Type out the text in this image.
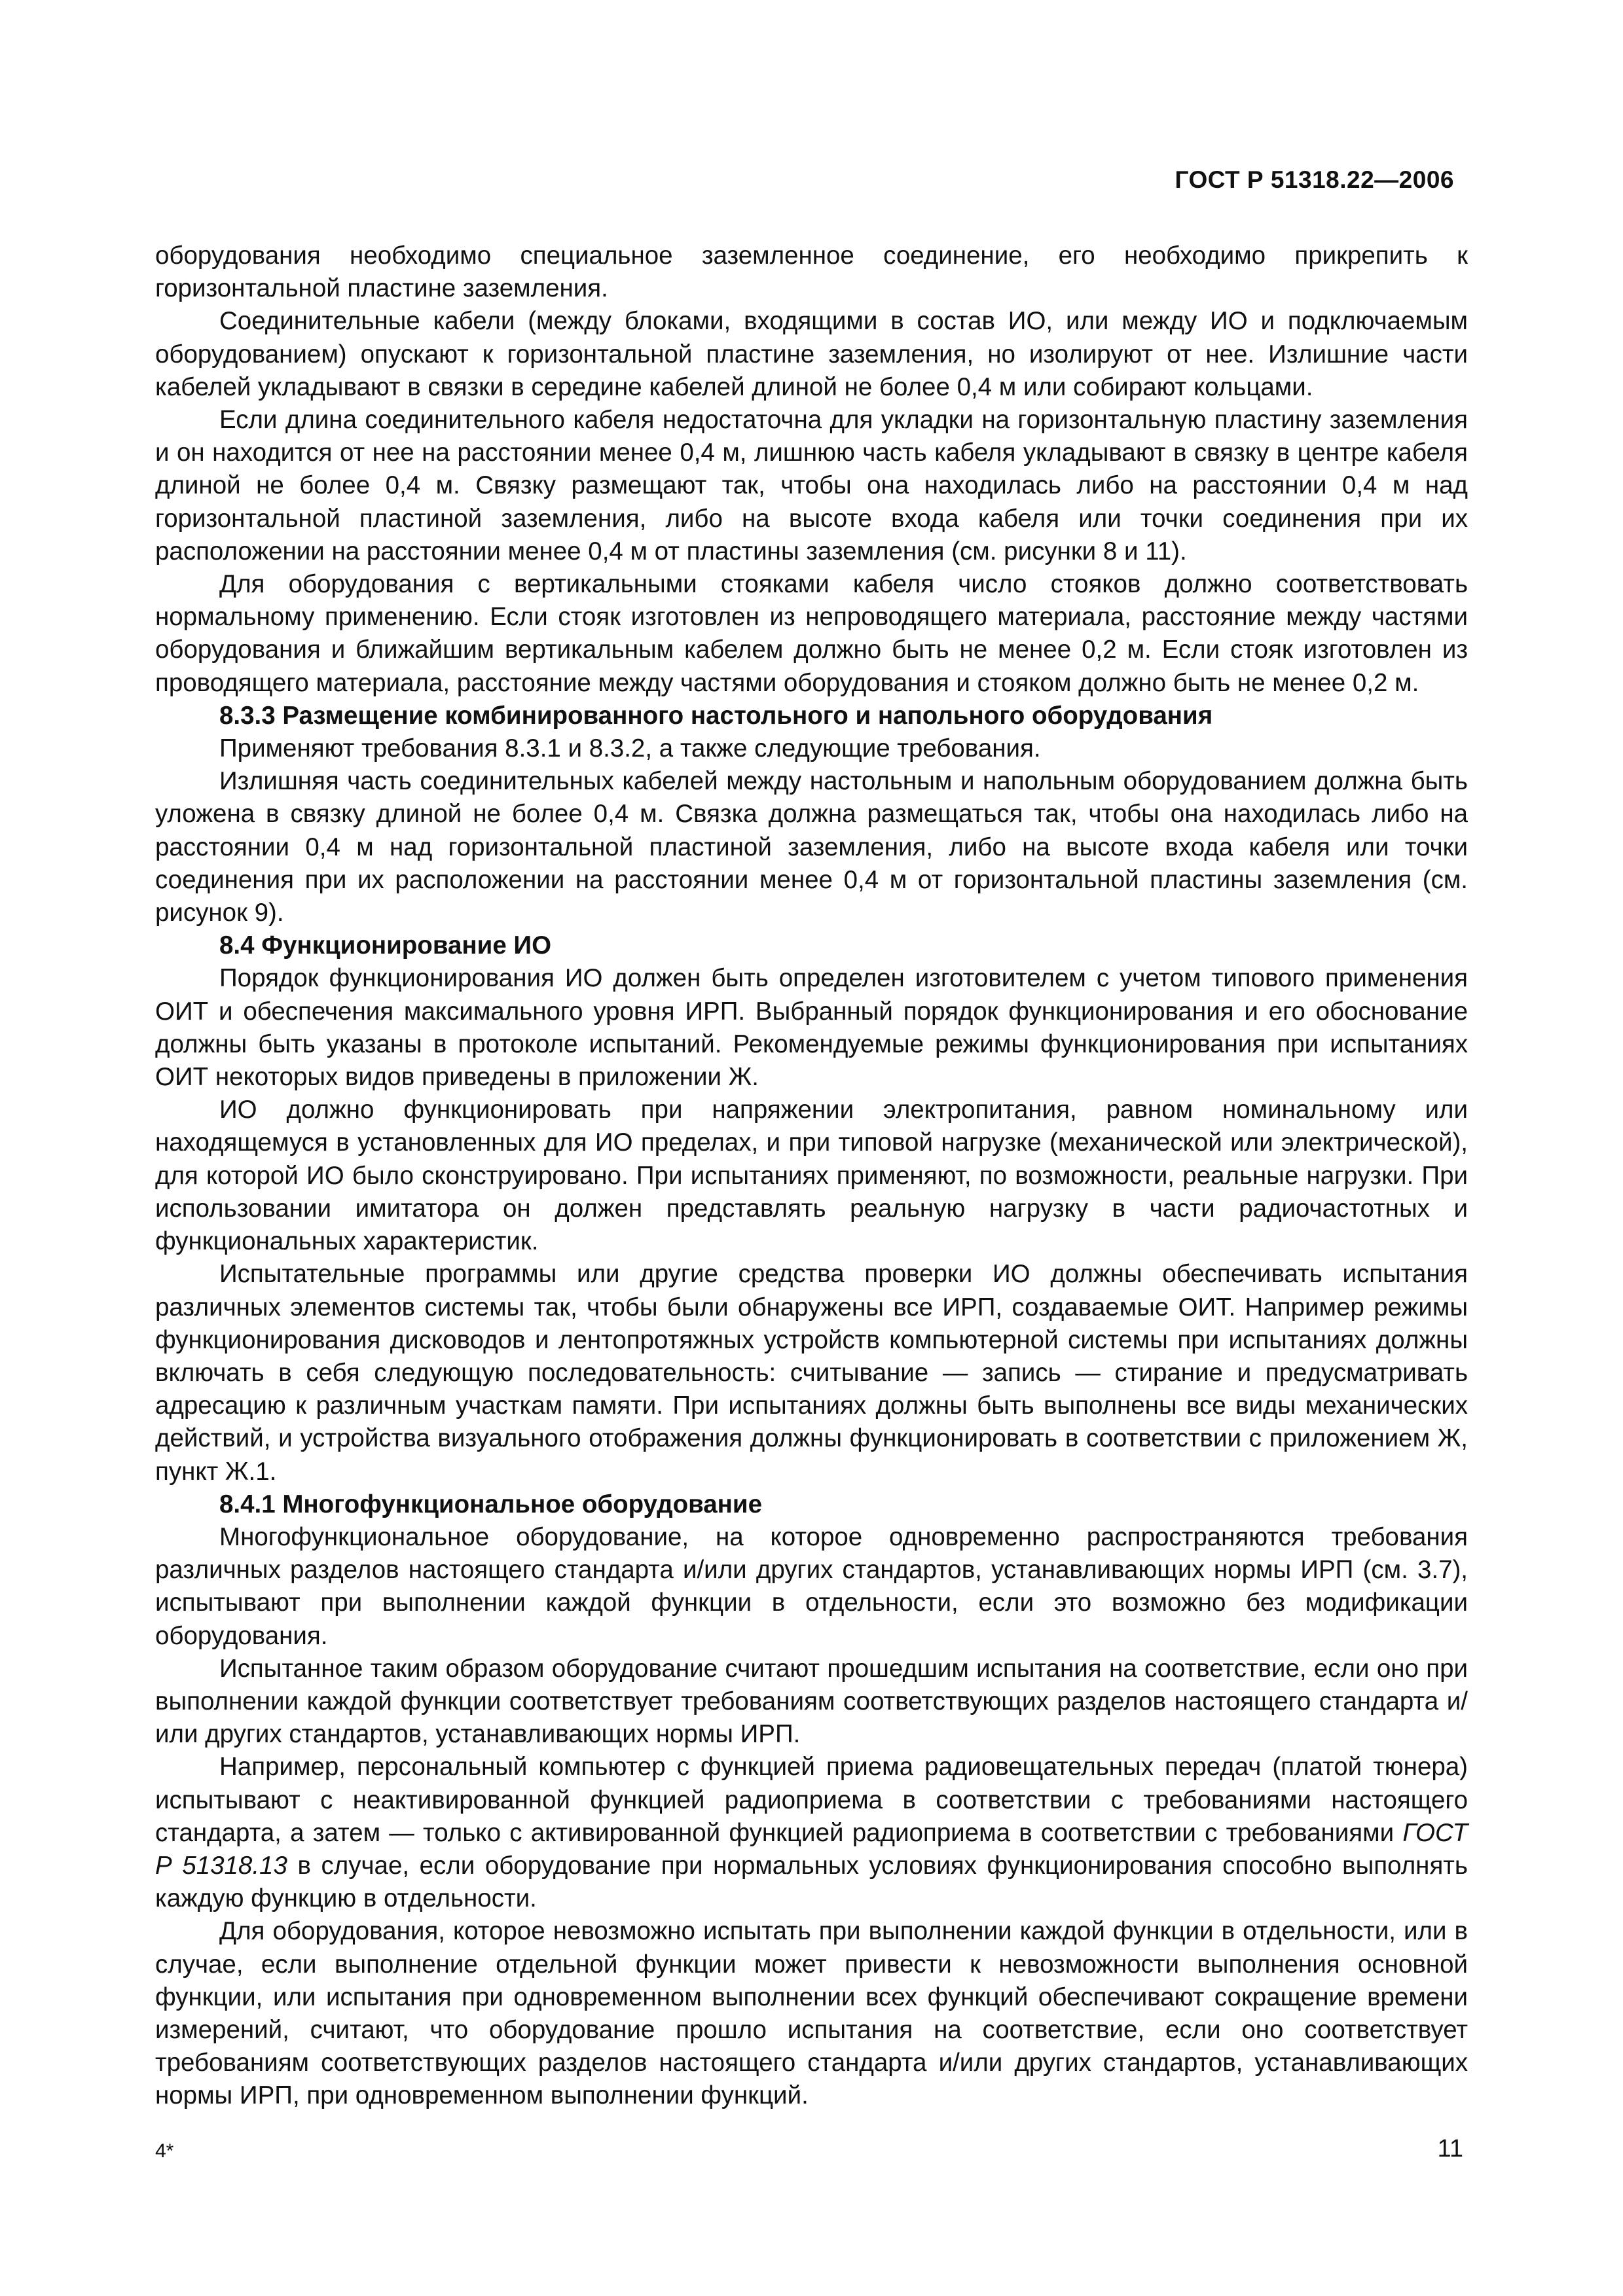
ГОСТ Р 51318.22—2006

оборудования необходимо специальное заземленное соединение, его необходимо прикрепить к горизонтальной пластине заземления.

Соединительные кабели (между блоками, входящими в состав ИО, или между ИО и подключаемым оборудованием) опускают к горизонтальной пластине заземления, но изолируют от нее. Излишние части кабелей укладывают в связки в середине кабелей длиной не более 0,4 м или собирают кольцами.

Если длина соединительного кабеля недостаточна для укладки на горизонтальную пластину заземления и он находится от нее на расстоянии менее 0,4 м, лишнюю часть кабеля укладывают в связку в центре кабеля длиной не более 0,4 м. Связку размещают так, чтобы она находилась либо на расстоянии 0,4 м над горизонтальной пластиной заземления, либо на высоте входа кабеля или точки соединения при их расположении на расстоянии менее 0,4 м от пластины заземления (см. рисунки 8 и 11).

Для оборудования с вертикальными стояками кабеля число стояков должно соответствовать нормальному применению. Если стояк изготовлен из непроводящего материала, расстояние между частями оборудования и ближайшим вертикальным кабелем должно быть не менее 0,2 м. Если стояк изготовлен из проводящего материала, расстояние между частями оборудования и стояком должно быть не менее 0,2 м.

8.3.3 Размещение комбинированного настольного и напольного оборудования

Применяют требования 8.3.1 и 8.3.2, а также следующие требования.

Излишняя часть соединительных кабелей между настольным и напольным оборудованием должна быть уложена в связку длиной не более 0,4 м. Связка должна размещаться так, чтобы она находилась либо на расстоянии 0,4 м над горизонтальной пластиной заземления, либо на высоте входа кабеля или точки соединения при их расположении на расстоянии менее 0,4 м от горизонтальной пластины заземления (см. рисунок 9).

8.4 Функционирование ИО

Порядок функционирования ИО должен быть определен изготовителем с учетом типового применения ОИТ и обеспечения максимального уровня ИРП. Выбранный порядок функционирования и его обоснование должны быть указаны в протоколе испытаний. Рекомендуемые режимы функционирования при испытаниях ОИТ некоторых видов приведены в приложении Ж.

ИО должно функционировать при напряжении электропитания, равном номинальному или находящемуся в установленных для ИО пределах, и при типовой нагрузке (механической или электрической), для которой ИО было сконструировано. При испытаниях применяют, по возможности, реальные нагрузки. При использовании имитатора он должен представлять реальную нагрузку в части радиочастотных и функциональных характеристик.

Испытательные программы или другие средства проверки ИО должны обеспечивать испытания различных элементов системы так, чтобы были обнаружены все ИРП, создаваемые ОИТ. Например режимы функционирования дисководов и лентопротяжных устройств компьютерной системы при испытаниях должны включать в себя следующую последовательность: считывание — запись — стирание и предусматривать адресацию к различным участкам памяти. При испытаниях должны быть выполнены все виды механических действий, и устройства визуального отображения должны функционировать в соответствии с приложением Ж, пункт Ж.1.

8.4.1 Многофункциональное оборудование

Многофункциональное оборудование, на которое одновременно распространяются требования различных разделов настоящего стандарта и/или других стандартов, устанавливающих нормы ИРП (см. 3.7), испытывают при выполнении каждой функции в отдельности, если это возможно без модификации оборудования.

Испытанное таким образом оборудование считают прошедшим испытания на соответствие, если оно при выполнении каждой функции соответствует требованиям соответствующих разделов настоящего стандарта и/или других стандартов, устанавливающих нормы ИРП.

Например, персональный компьютер с функцией приема радиовещательных передач (платой тюнера) испытывают с неактивированной функцией радиоприема в соответствии с требованиями настоящего стандарта, а затем — только с активированной функцией радиоприема в соответствии с требованиями ГОСТ Р 51318.13 в случае, если оборудование при нормальных условиях функционирования способно выполнять каждую функцию в отдельности.

Для оборудования, которое невозможно испытать при выполнении каждой функции в отдельности, или в случае, если выполнение отдельной функции может привести к невозможности выполнения основной функции, или испытания при одновременном выполнении всех функций обеспечивают сокращение времени измерений, считают, что оборудование прошло испытания на соответствие, если оно соответствует требованиям соответствующих разделов настоящего стандарта и/или других стандартов, устанавливающих нормы ИРП, при одновременном выполнении функций.

4*	11
